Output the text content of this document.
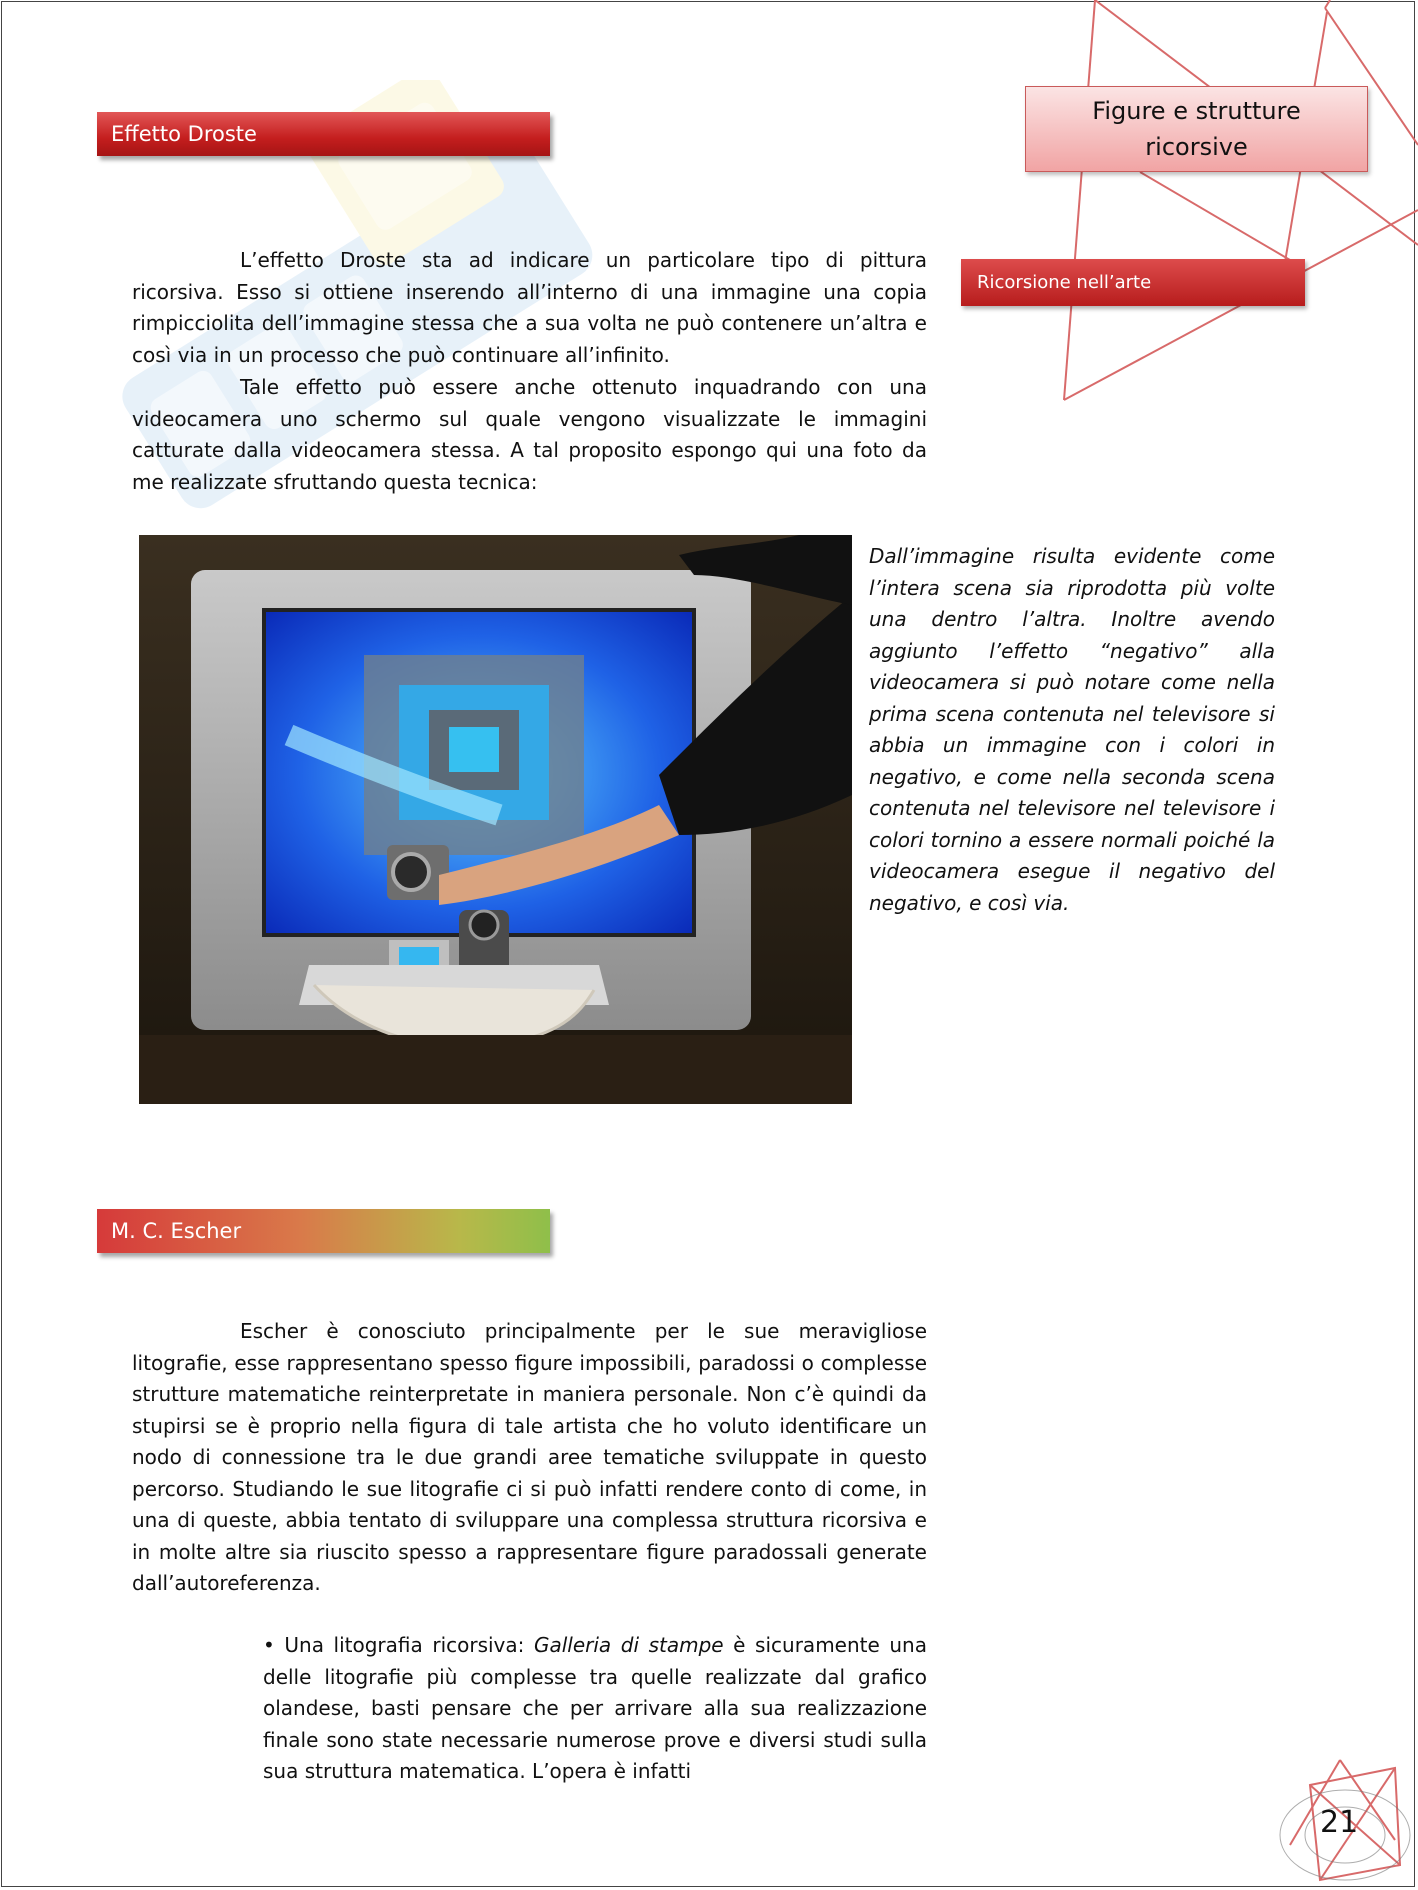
Figure e strutture ricorsive
Ricorsione nell’arte
Effetto Droste

L’effetto Droste sta ad indicare un particolare tipo di pittura ricorsiva. Esso si ottiene inserendo all’interno di una immagine una copia rimpicciolita dell’immagine stessa che a sua volta ne può contenere un’altra e così via in un processo che può continuare all’infinito.

Tale effetto può essere anche ottenuto inquadrando con una videocamera uno schermo sul quale vengono visualizzate le immagini catturate dalla videocamera stessa. A tal proposito espongo qui una foto da me realizzate sfruttando questa tecnica:

Dall’immagine risulta evidente come l’intera scena sia riprodotta più volte una dentro l’altra. Inoltre avendo aggiunto l’effetto “negativo” alla videocamera si può notare come nella prima scena contenuta nel televisore si abbia un immagine con i colori in negativo, e come nella seconda scena contenuta nel televisore nel televisore i colori tornino a essere normali poiché la videocamera esegue il negativo del negativo, e così via.

M. C. Escher

Escher è conosciuto principalmente per le sue meravigliose litografie, esse rappresentano spesso figure impossibili, paradossi o complesse strutture matematiche reinterpretate in maniera personale. Non c’è quindi da stupirsi se è proprio nella figura di tale artista che ho voluto identificare un nodo di connessione tra le due grandi aree tematiche sviluppate in questo percorso. Studiando le sue litografie ci si può infatti rendere conto di come, in una di queste, abbia tentato di sviluppare una complessa struttura ricorsiva e in molte altre sia riuscito spesso a rappresentare figure paradossali generate dall’autoreferenza.

• Una litografia ricorsiva: Galleria di stampe è sicuramente una delle litografie più complesse tra quelle realizzate dal grafico olandese, basti pensare che per arrivare alla sua realizzazione finale sono state necessarie numerose prove e diversi studi sulla sua struttura matematica. L’opera è infatti

21
